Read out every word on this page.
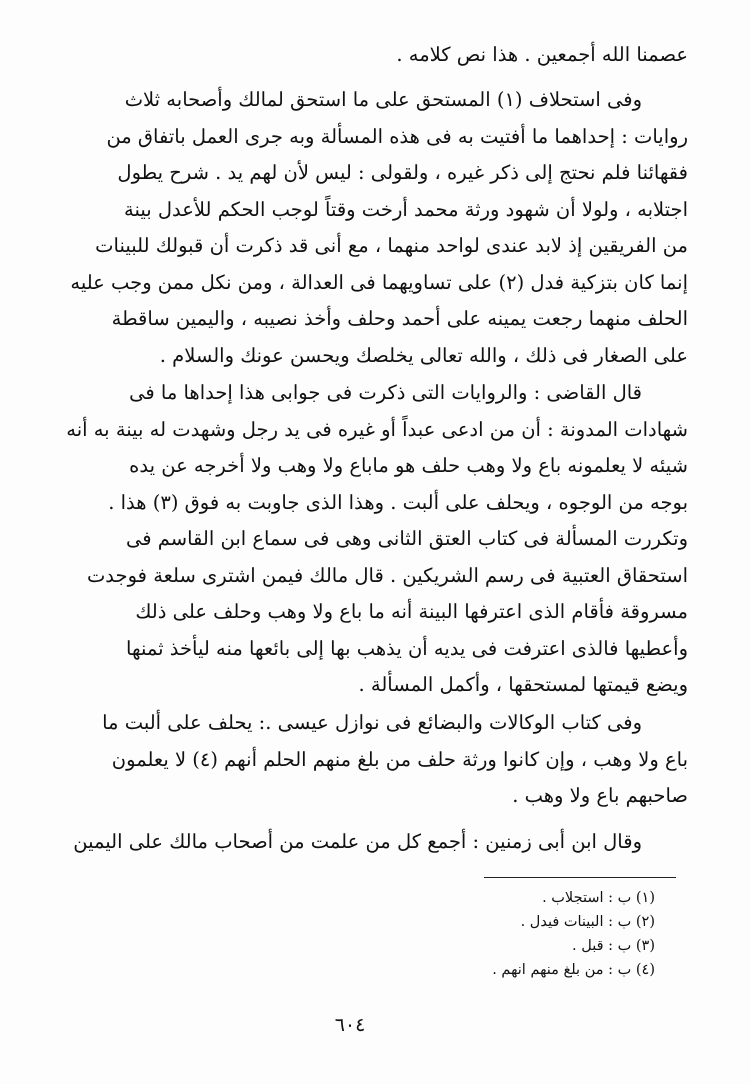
عصمنا الله أجمعين . هذا نص كلامه .

وفى استحلاف (١) المستحق على ما استحق لمالك وأصحابه ثلاث
روايات : إحداهما ما أفتيت به فى هذه المسألة وبه جرى العمل باتفاق من
فقهائنا فلم نحتج إلى ذكر غيره ، ولقولى : ليس لأن لهم يد . شرح يطول
اجتلابه ، ولولا أن شهود ورثة محمد أرخت وقتاً لوجب الحكم للأعدل بينة
من الفريقين إذ لابد عندى لواحد منهما ، مع أنى قد ذكرت أن قبولك للبينات
إنما كان بتزكية فدل (٢) على تساويهما فى العدالة ، ومن نكل ممن وجب عليه
الحلف منهما رجعت يمينه على أحمد وحلف وأخذ نصيبه ، واليمين ساقطة
على الصغار فى ذلك ، والله تعالى يخلصك ويحسن عونك والسلام .

قال القاضى : والروايات التى ذكرت فى جوابى هذا إحداها ما فى
شهادات المدونة : أن من ادعى عبداً أو غيره فى يد رجل وشهدت له بينة به أنه
شيئه لا يعلمونه باع ولا وهب حلف هو ماباع ولا وهب ولا أخرجه عن يده
بوجه من الوجوه ، ويحلف على ألبت . وهذا الذى جاوبت به فوق (٣) هذا .
وتكررت المسألة فى كتاب العتق الثانى وهى فى سماع ابن القاسم فى
استحقاق العتبية فى رسم الشريكين . قال مالك فيمن اشترى سلعة فوجدت
مسروقة فأقام الذى اعترفها البينة أنه ما باع ولا وهب وحلف على ذلك
وأعطيها فالذى اعترفت فى يديه أن يذهب بها إلى بائعها منه ليأخذ ثمنها
ويضع قيمتها لمستحقها ، وأكمل المسألة .

وفى كتاب الوكالات والبضائع فى نوازل عيسى .: يحلف على ألبت ما
باع ولا وهب ، وإن كانوا ورثة حلف من بلغ منهم الحلم أنهم (٤) لا يعلمون
صاحبهم باع ولا وهب .

وقال ابن أبى زمنين : أجمع كل من علمت من أصحاب مالك على اليمين

(١) ب : استجلاب .
(٢) ب : البينات فيدل .
(٣) ب : قبل .
(٤) ب : من بلغ منهم انهم .
٦٠٤
